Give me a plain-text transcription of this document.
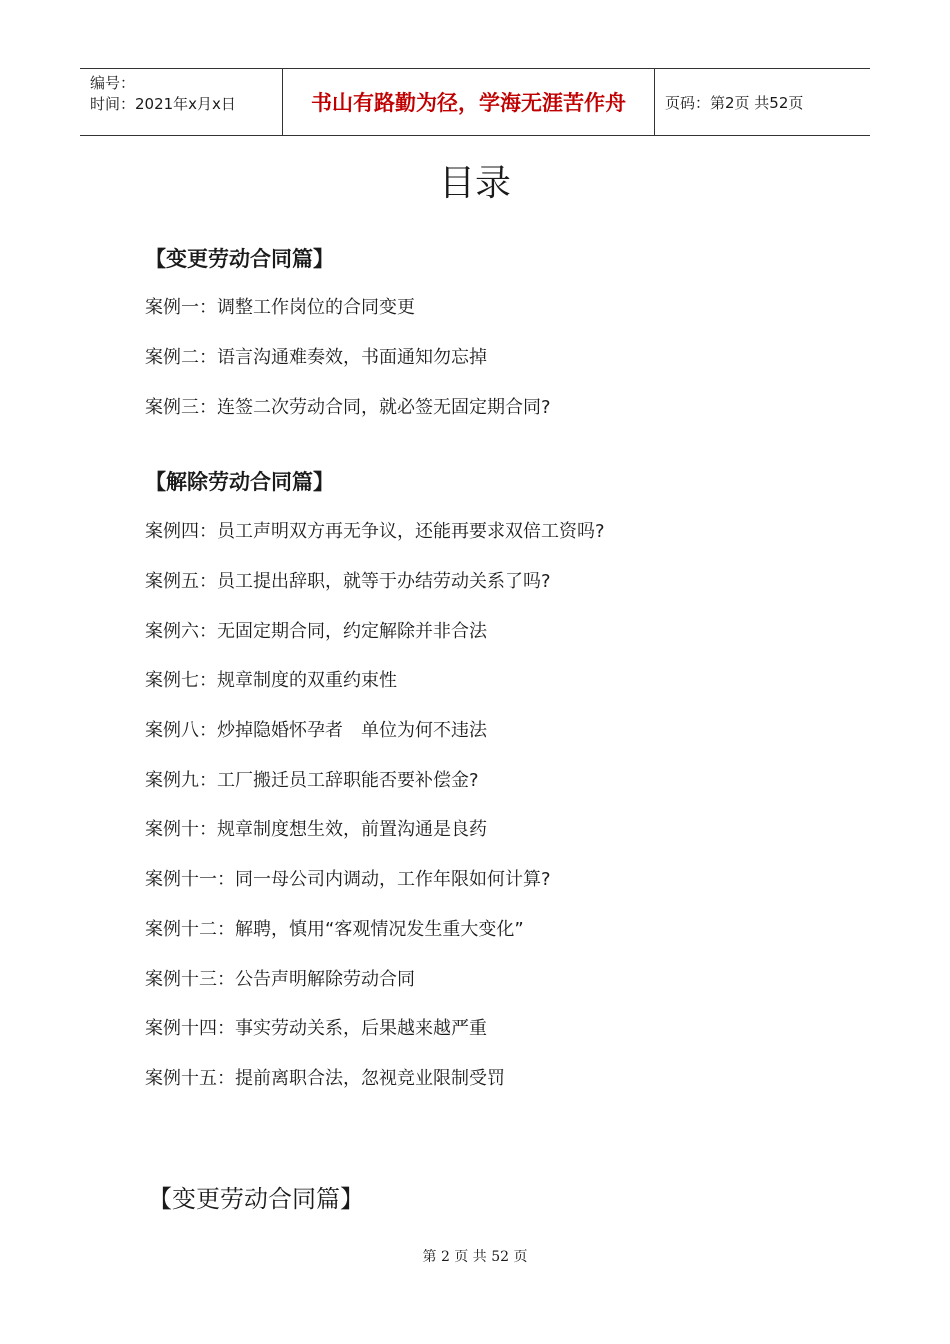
编号：
时间：2021年x月x日	书山有路勤为径，学海无涯苦作舟	页码：第2页 共52页
目录
【变更劳动合同篇】
案例一：调整工作岗位的合同变更
案例二：语言沟通难奏效，书面通知勿忘掉
案例三：连签二次劳动合同，就必签无固定期合同?
【解除劳动合同篇】
案例四：员工声明双方再无争议，还能再要求双倍工资吗?
案例五：员工提出辞职，就等于办结劳动关系了吗?
案例六：无固定期合同，约定解除并非合法
案例七：规章制度的双重约束性
案例八：炒掉隐婚怀孕者　单位为何不违法
案例九：工厂搬迁员工辞职能否要补偿金?
案例十：规章制度想生效，前置沟通是良药
案例十一：同一母公司内调动，工作年限如何计算?
案例十二：解聘，慎用“客观情况发生重大变化”
案例十三：公告声明解除劳动合同
案例十四：事实劳动关系，后果越来越严重
案例十五：提前离职合法，忽视竞业限制受罚
【变更劳动合同篇】
第 2 页 共 52 页
